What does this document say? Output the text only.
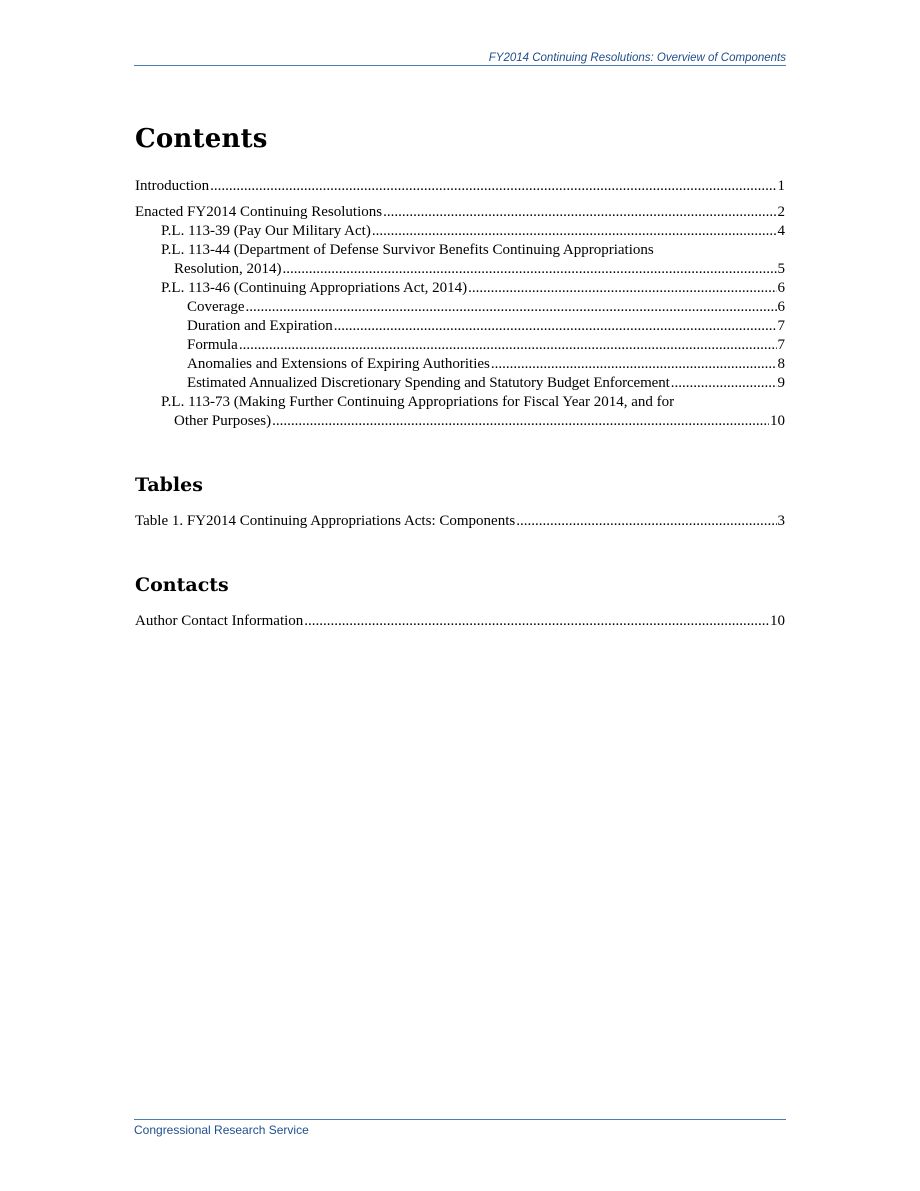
FY2014 Continuing Resolutions: Overview of Components
Contents
Introduction .....	1
Enacted FY2014 Continuing Resolutions .....	2
P.L. 113-39 (Pay Our Military Act) .....	4
P.L. 113-44 (Department of Defense Survivor Benefits Continuing Appropriations
Resolution, 2014) .....	5
P.L. 113-46 (Continuing Appropriations Act, 2014) .....	6
Coverage .....	6
Duration and Expiration .....	7
Formula .....	7
Anomalies and Extensions of Expiring Authorities .....	8
Estimated Annualized Discretionary Spending and Statutory Budget Enforcement .....	9
P.L. 113-73 (Making Further Continuing Appropriations for Fiscal Year 2014, and for
Other Purposes) .....	10
Tables
Table 1. FY2014 Continuing Appropriations Acts: Components .....	3
Contacts
Author Contact Information .....	10
Congressional Research Service
